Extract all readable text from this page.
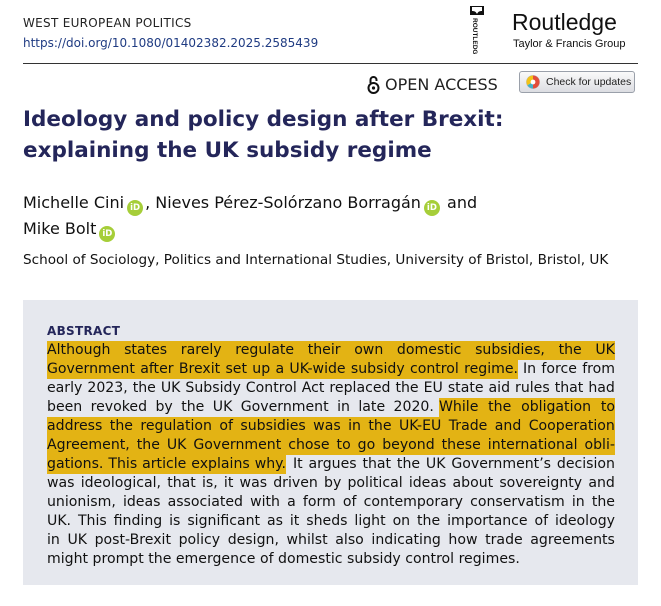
WEST EUROPEAN POLITICS
https://doi.org/10.1080/01402382.2025.2585439	ROUTLEDGE Routledge
Taylor & Francis Group
OPEN ACCESS	Check for updates
Ideology and policy design after Brexit:
explaining the UK subsidy regime
Michelle Cini iD , Nieves Pérez-Solórzano Borragán iD and
Mike Bolt iD
School of Sociology, Politics and International Studies, University of Bristol, Bristol, UK
ABSTRACT
Although states rarely regulate their own domestic subsidies, the UK
Government after Brexit set up a UK-wide subsidy control regime. In force from
early 2023, the UK Subsidy Control Act replaced the EU state aid rules that had
been revoked by the UK Government in late 2020. While the obligation to
address the regulation of subsidies was in the UK-EU Trade and Cooperation
Agreement, the UK Government chose to go beyond these international obli-
gations. This article explains why. It argues that the UK Government’s decision
was ideological, that is, it was driven by political ideas about sovereignty and
unionism, ideas associated with a form of contemporary conservatism in the
UK. This finding is significant as it sheds light on the importance of ideology
in UK post-Brexit policy design, whilst also indicating how trade agreements
might prompt the emergence of domestic subsidy control regimes.
